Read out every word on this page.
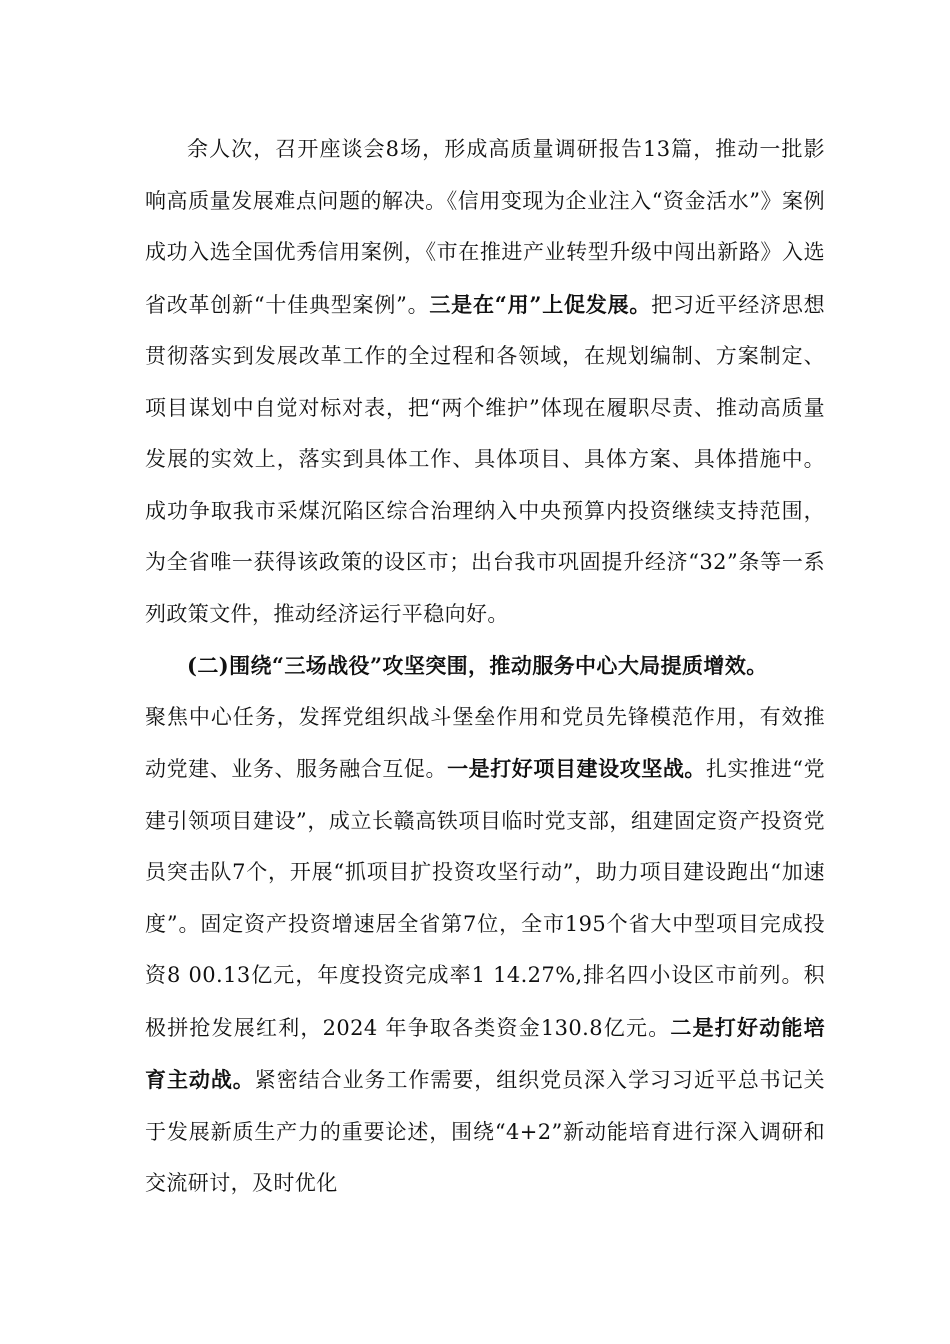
余人次，召开座谈会8场，形成高质量调研报告13篇，推动一批影响高质量发展难点问题的解决。《信用变现为企业注入“资金活水”》案例成功入选全国优秀信用案例，《市在推进产业转型升级中闯出新路》入选省改革创新“十佳典型案例”。三是在“用”上促发展。把习近平经济思想贯彻落实到发展改革工作的全过程和各领域，在规划编制、方案制定、项目谋划中自觉对标对表，把“两个维护”体现在履职尽责、推动高质量发展的实效上，落实到具体工作、具体项目、具体方案、具体措施中。成功争取我市采煤沉陷区综合治理纳入中央预算内投资继续支持范围，为全省唯一获得该政策的设区市；出台我市巩固提升经济“32”条等一系列政策文件，推动经济运行平稳向好。

(二)围绕“三场战役”攻坚突围，推动服务中心大局提质增效。

聚焦中心任务，发挥党组织战斗堡垒作用和党员先锋模范作用，有效推动党建、业务、服务融合互促。一是打好项目建设攻坚战。扎实推进“党建引领项目建设”，成立长赣高铁项目临时党支部，组建固定资产投资党员突击队7个，开展“抓项目扩投资攻坚行动”，助力项目建设跑出“加速度”。固定资产投资增速居全省第7位，全市195个省大中型项目完成投资8 00.13亿元，年度投资完成率1 14.27%,排名四小设区市前列。积极拼抢发展红利，2024 年争取各类资金130.8亿元。二是打好动能培育主动战。紧密结合业务工作需要，组织党员深入学习习近平总书记关于发展新质生产力的重要论述，围绕“4+2”新动能培育进行深入调研和交流研讨，及时优化
